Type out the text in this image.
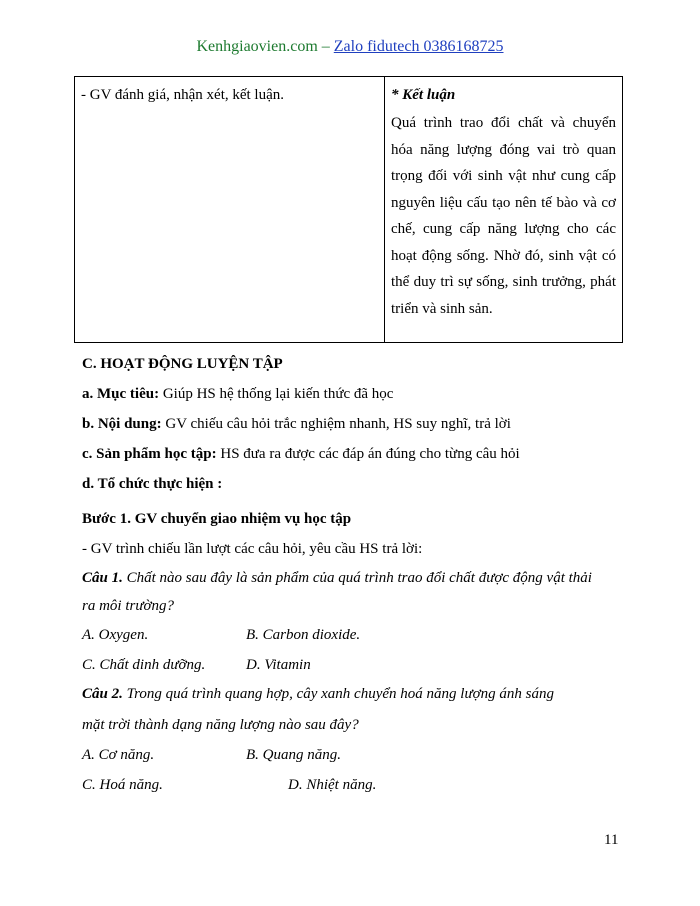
Kenhgiaovien.com – Zalo fidutech 0386168725
- GV đánh giá, nhận xét, kết luận.	* Kết luận

Quá trình trao đổi chất và chuyển hóa năng lượng đóng vai trò quan trọng đối với sinh vật như cung cấp nguyên liệu cấu tạo nên tế bào và cơ chế, cung cấp năng lượng cho các hoạt động sống. Nhờ đó, sinh vật có thể duy trì sự sống, sinh trưởng, phát triển và sinh sản.

C. HOẠT ĐỘNG LUYỆN TẬP
a. Mục tiêu: Giúp HS hệ thống lại kiến thức đã học
b. Nội dung: GV chiếu câu hỏi trắc nghiệm nhanh, HS suy nghĩ, trả lời
c. Sản phẩm học tập: HS đưa ra được các đáp án đúng cho từng câu hỏi
d. Tổ chức thực hiện :
Bước 1. GV chuyển giao nhiệm vụ học tập
- GV trình chiếu lần lượt các câu hỏi, yêu cầu HS trả lời:
Câu 1. Chất nào sau đây là sản phẩm của quá trình trao đổi chất được động vật thải
ra môi trường?
A. Oxygen.	B. Carbon dioxide.
C. Chất dinh dưỡng.	D. Vitamin
Câu 2. Trong quá trình quang hợp, cây xanh chuyển hoá năng lượng ánh sáng
mặt trời thành dạng năng lượng nào sau đây?
A. Cơ năng.	B. Quang năng.
C. Hoá năng.	D. Nhiệt năng.
11
